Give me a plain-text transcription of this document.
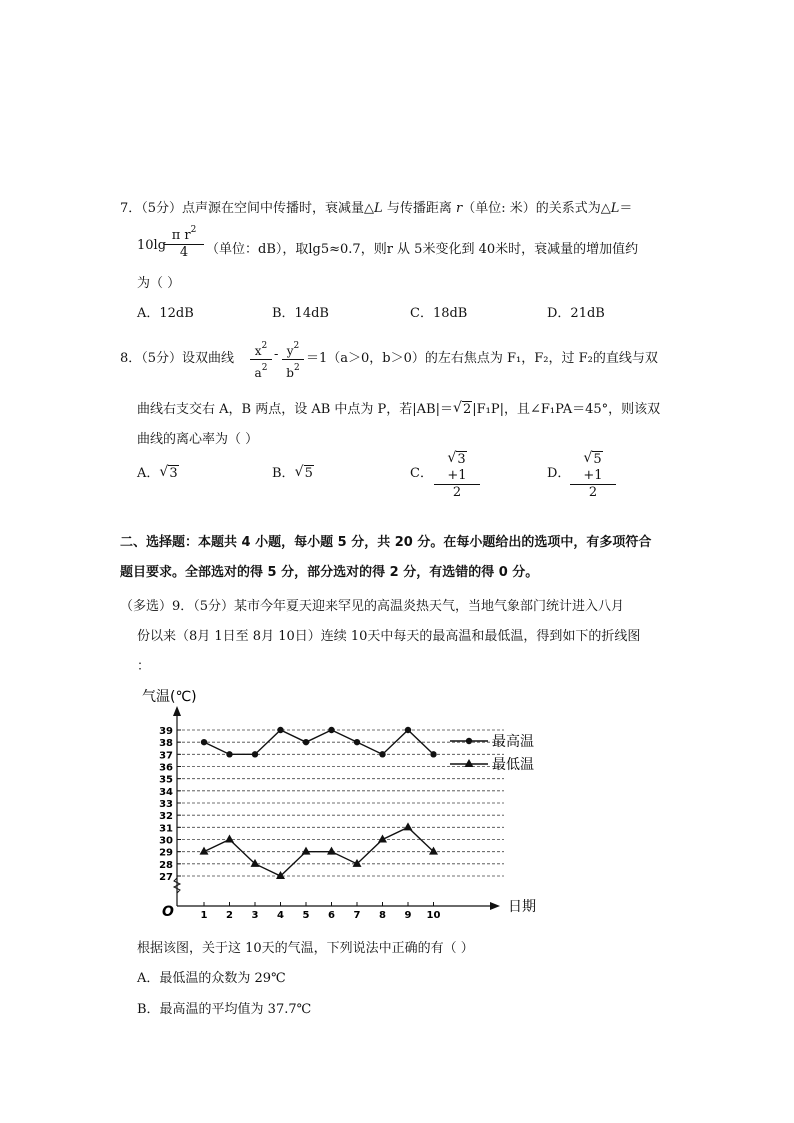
7．（5分）点声源在空间中传播时，衰减量△L 与传播距离 r（单位: 米）的关系式为△L＝
10lg
$\frac{\pi r^2}{4}$ （单位：dB），取lg5≈0.7，则r 从 5米变化到 40米时，衰减量的增加值约
为（ ）
A．12dB	B．14dB	C．18dB	D．21dB
8．（5分）设双曲线 $\frac{x^2}{a^2} - \frac{y^2}{b^2} =1(a>0$，b＞0）的左右焦点为 F₁，F₂，过 F₂的直线与双
曲线右支交右 A，B 两点，设 AB 中点为 P，若|AB|＝ √ 2|F₁P|，且∠F₁PA＝45°，则该双
曲线的离心率为（ ）
A． √ 3	B． √ 5	C． $\frac{√ 3 +1}{2}$	D． $\frac{√ 5 +1}{2}$
二、选择题：本题共 4 小题，每小题 5 分，共 20 分。在每小题给出的选项中，有多项符合
题目要求。全部选对的得 5 分，部分选对的得 2 分，有选错的得 0 分。
（多选）9．（5分）某市今年夏天迎来罕见的高温炎热天气，当地气象部门统计进入八月
份以来（8月 1日至 8月 10日）连续 10天中每天的最高温和最低温，得到如下的折线图
：
气温(℃)
日期
O
27
28
29
30
31
32
33
34
35
36
37
38
39
1 2 3 4 5 6 7 8 9 10
最高温
最低温
根据该图，关于这 10天的气温，下列说法中正确的有（ ）
A．最低温的众数为 29℃
B．最高温的平均值为 37.7℃
